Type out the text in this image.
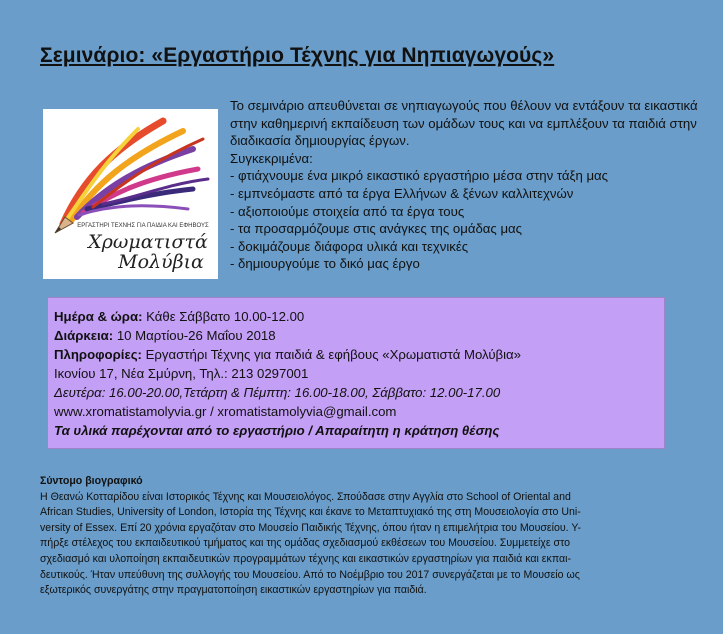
Σεμινάριο: «Εργαστήριο Τέχνης για Νηπιαγωγούς»
ΕΡΓΑΣΤΗΡΙ ΤΕΧΝΗΣ ΓΙΑ ΠΑΙΔΙΑ ΚΑΙ ΕΦΗΒΟΥΣ
Χρωματιστά
Μολύβια

Το σεμινάριο απευθύνεται σε νηπιαγωγούς που θέλουν να εντάξουν τα εικαστικά στην καθημερινή εκπαίδευση των ομάδων τους και να εμπλέξουν τα παιδιά στην διαδικασία δημιουργίας έργων.

Συγκεκριμένα:

- φτιάχνουμε ένα μικρό εικαστικό εργαστήριο μέσα στην τάξη μας
- εμπνεόμαστε από τα έργα Ελλήνων & ξένων καλλιτεχνών
- αξιοποιούμε στοιχεία από τα έργα τους
- τα προσαρμόζουμε στις ανάγκες της ομάδας μας
- δοκιμάζουμε διάφορα υλικά και τεχνικές
- δημιουργούμε το δικό μας έργο
Ημέρα & ώρα: Κάθε Σάββατο 10.00-12.00
Διάρκεια: 10 Μαρτίου-26 Μαΐου 2018
Πληροφορίες: Εργαστήρι Τέχνης για παιδιά & εφήβους «Χρωματιστά Μολύβια»
Ικονίου 17, Νέα Σμύρνη, Τηλ.: 213 0297001
Δευτέρα: 16.00-20.00,Τετάρτη & Πέμπτη: 16.00-18.00, Σάββατο: 12.00-17.00
www.xromatistamolyvia.gr / xromatistamolyvia@gmail.com
Τα υλικά παρέχονται από το εργαστήριο / Απαραίτητη η κράτηση θέσης
Σύντομο βιογραφικό
Η Θεανώ Κοτταρίδου είναι Ιστορικός Τέχνης και Μουσειολόγος. Σπούδασε στην Αγγλία στο School of Oriental and
African Studies, University of London, Ιστορία της Τέχνης και έκανε το Μεταπτυχιακό της στη Μουσειολογία στο Uni-
versity of Essex. Επί 20 χρόνια εργαζόταν στο Μουσείο Παιδικής Τέχνης, όπου ήταν η επιμελήτρια του Μουσείου. Υ-
πήρξε στέλεχος του εκπαιδευτικού τμήματος και της ομάδας σχεδιασμού εκθέσεων του Μουσείου. Συμμετείχε στο
σχεδιασμό και υλοποίηση εκπαιδευτικών προγραμμάτων τέχνης και εικαστικών εργαστηρίων για παιδιά και εκπαι-
δευτικούς. Ήταν υπεύθυνη της συλλογής του Μουσείου. Από το Νοέμβριο του 2017 συνεργάζεται με το Μουσείο ως
εξωτερικός συνεργάτης στην πραγματοποίηση εικαστικών εργαστηρίων για παιδιά.
